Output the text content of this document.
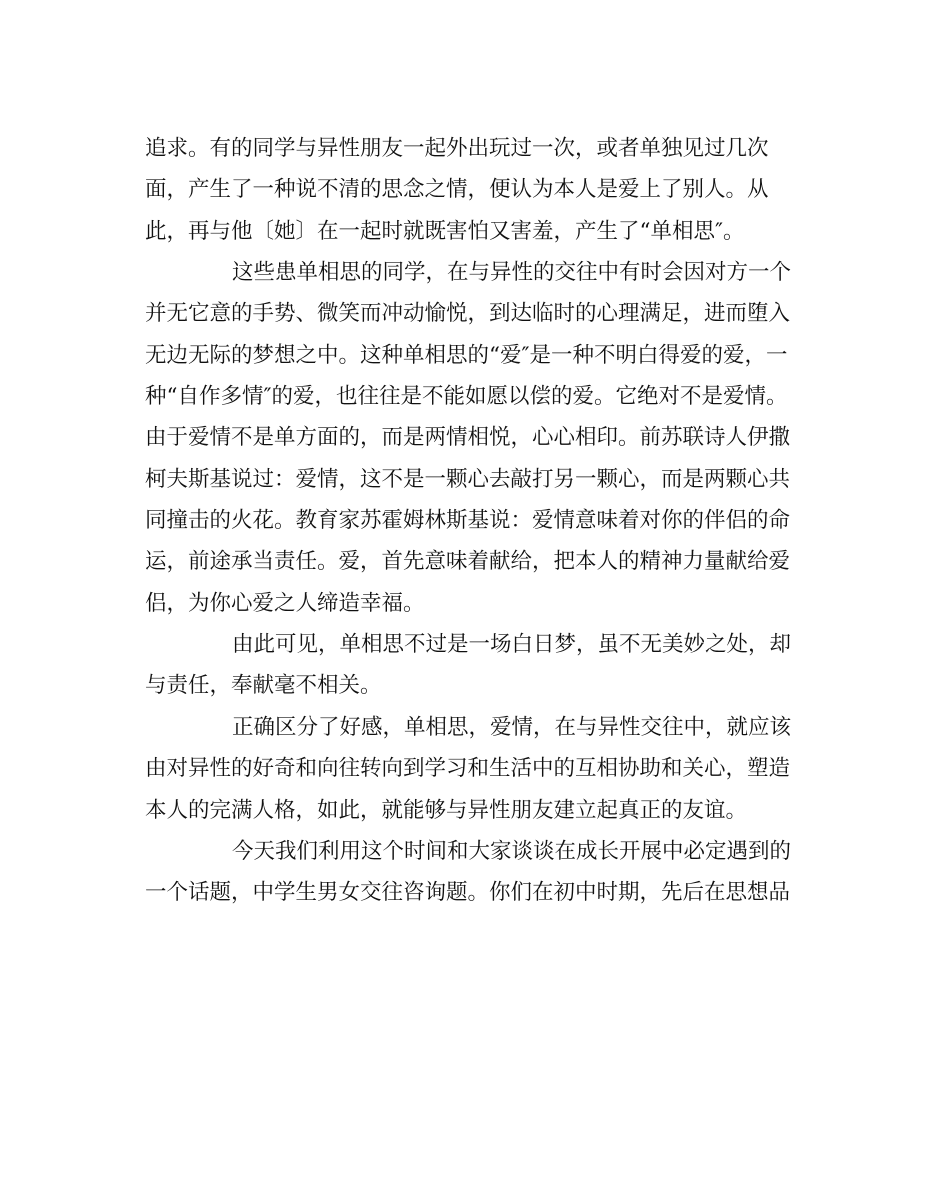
追求。有的同学与异性朋友一起外出玩过一次，或者单独见过几次
面，产生了一种说不清的思念之情，便认为本人是爱上了别人。从
此，再与他〔她〕在一起时就既害怕又害羞，产生了“单相思″。
这些患单相思的同学，在与异性的交往中有时会因对方一个
并无它意的手势、微笑而冲动愉悦，到达临时的心理满足，进而堕入
无边无际的梦想之中。这种单相思的“爱″是一种不明白得爱的爱，一
种“自作多情″的爱，也往往是不能如愿以偿的爱。它绝对不是爱情。
由于爱情不是单方面的，而是两情相悦，心心相印。前苏联诗人伊撒
柯夫斯基说过：爱情，这不是一颗心去敲打另一颗心，而是两颗心共
同撞击的火花。教育家苏霍姆林斯基说：爱情意味着对你的伴侣的命
运，前途承当责任。爱，首先意味着献给，把本人的精神力量献给爱
侣，为你心爱之人缔造幸福。
由此可见，单相思不过是一场白日梦，虽不无美妙之处，却
与责任，奉献毫不相关。
正确区分了好感，单相思，爱情，在与异性交往中，就应该
由对异性的好奇和向往转向到学习和生活中的互相协助和关心，塑造
本人的完满人格，如此，就能够与异性朋友建立起真正的友谊。
今天我们利用这个时间和大家谈谈在成长开展中必定遇到的
一个话题，中学生男女交往咨询题。你们在初中时期，先后在思想品
